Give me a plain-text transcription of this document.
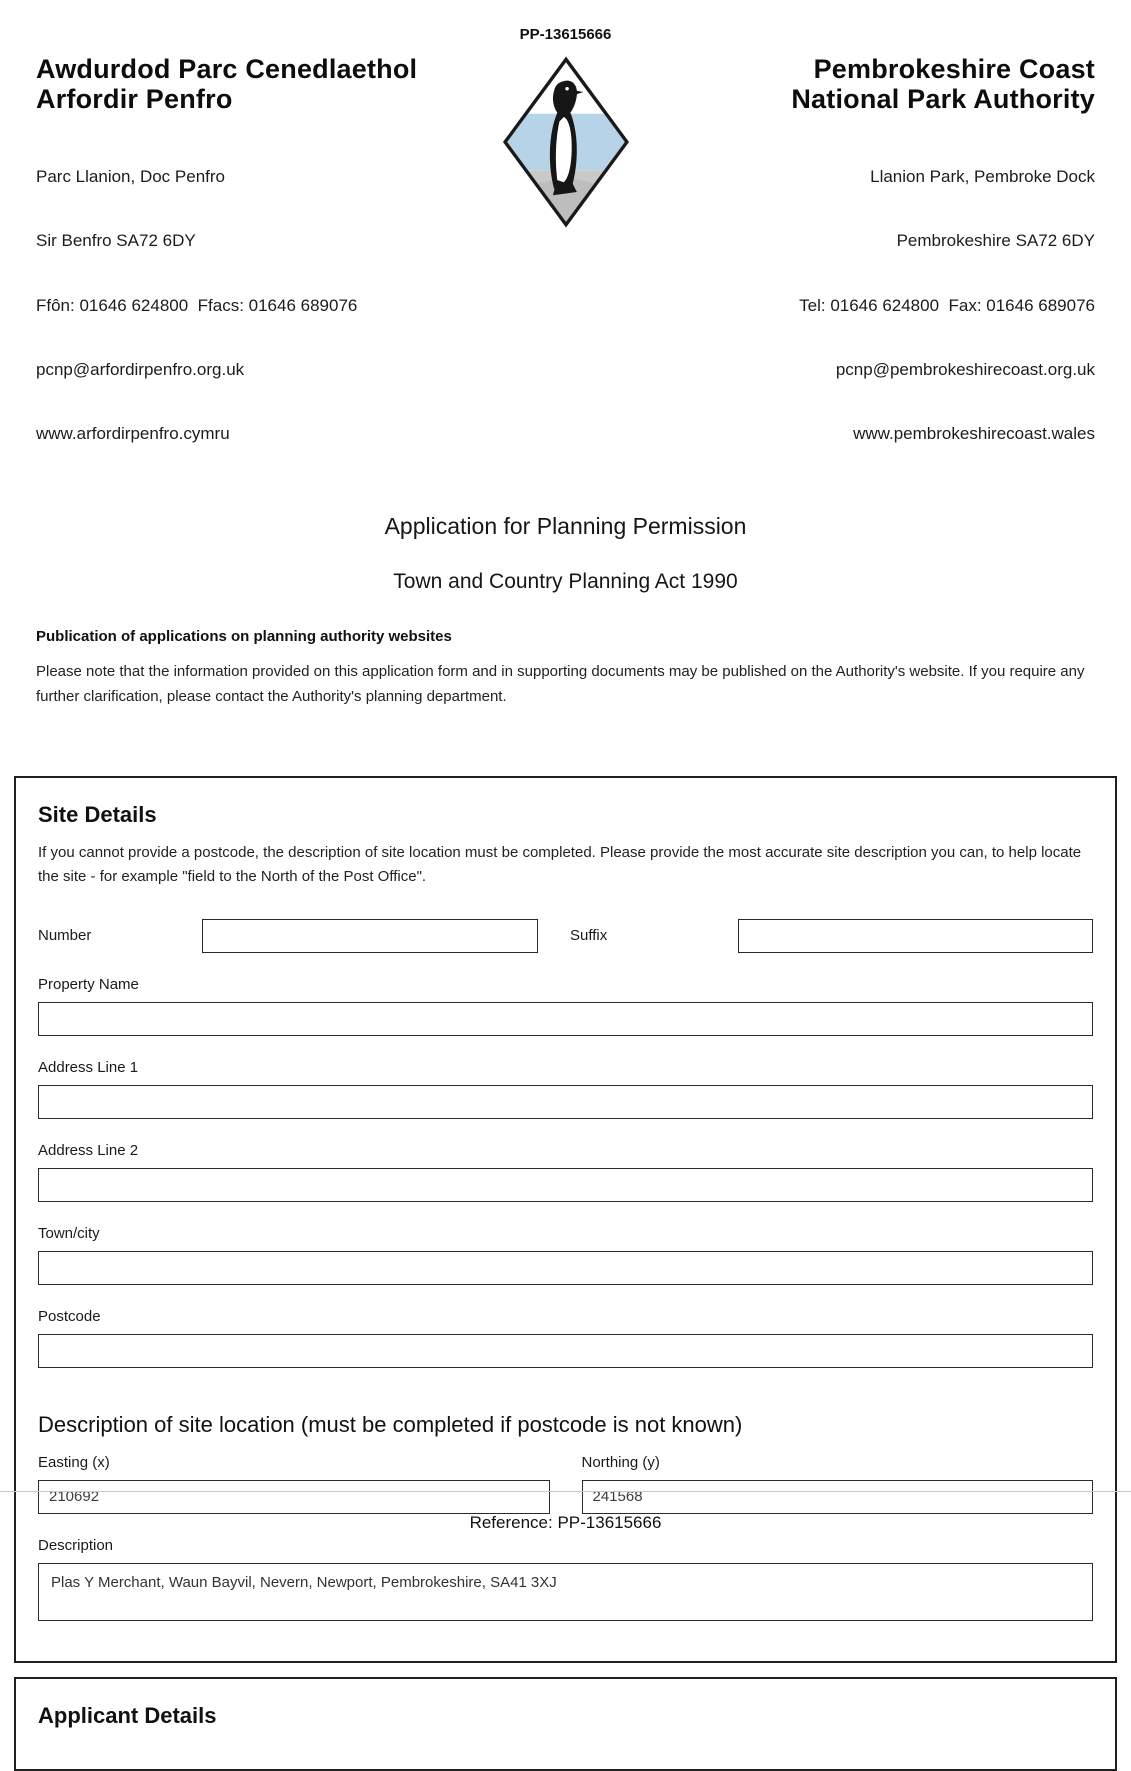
PP-13615666
Awdurdod Parc Cenedlaethol
Arfordir Penfro

Parc Llanion, Doc Penfro

Sir Benfro SA72 6DY

Ffôn: 01646 624800  Ffacs: 01646 689076

pcnp@arfordirpenfro.org.uk

www.arfordirpenfro.cymru

Pembrokeshire Coast
National Park Authority

Llanion Park, Pembroke Dock

Pembrokeshire SA72 6DY

Tel: 01646 624800  Fax: 01646 689076

pcnp@pembrokeshirecoast.org.uk

www.pembrokeshirecoast.wales

Application for Planning Permission
Town and Country Planning Act 1990
Publication of applications on planning authority websites
Please note that the information provided on this application form and in supporting documents may be published on the Authority's website. If you require any further clarification, please contact the Authority's planning department.
Site Details
If you cannot provide a postcode, the description of site location must be completed. Please provide the most accurate site description you can, to help locate the site - for example "field to the North of the Post Office".
Number	Suffix
Property Name
Address Line 1
Address Line 2
Town/city
Postcode
Description of site location (must be completed if postcode is not known)
Easting (x)
210692	Northing (y)
241568
Description
Plas Y Merchant, Waun Bayvil, Nevern, Newport, Pembrokeshire, SA41 3XJ
Applicant Details
Reference: PP-13615666
